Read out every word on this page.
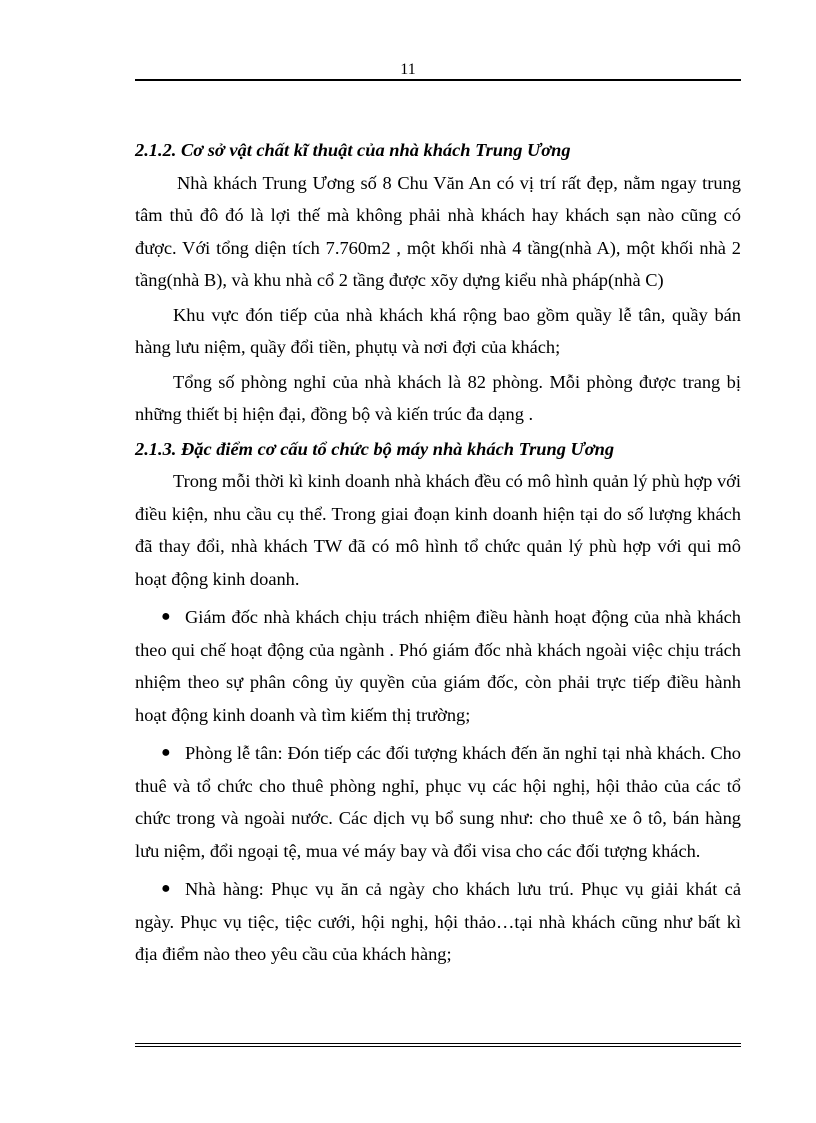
11

2.1.2. Cơ sở vật chất kĩ thuật của nhà khách Trung Ương

Nhà khách Trung Ương số 8 Chu Văn An có vị trí rất đẹp, nằm ngay trung tâm thủ đô đó là lợi thế mà không phải nhà khách hay khách sạn nào cũng có được. Với tổng diện tích 7.760m2 , một khối nhà 4 tầng(nhà A), một khối nhà 2 tầng(nhà B), và khu nhà cổ 2 tầng được xõy dựng kiểu nhà pháp(nhà C)

Khu vực đón tiếp của nhà khách khá rộng bao gồm quầy lễ tân, quầy bán hàng lưu niệm, quầy đổi tiền, phụtụ và nơi đợi của khách;

Tổng số phòng nghỉ của nhà khách là 82 phòng. Mỗi phòng được trang bị những thiết bị hiện đại, đồng bộ và kiến trúc đa dạng .

2.1.3. Đặc điểm cơ cấu tổ chức bộ máy nhà khách Trung Ương

Trong mỗi thời kì kinh doanh nhà khách đều có mô hình quản lý phù hợp với điều kiện, nhu cầu cụ thể. Trong giai đoạn kinh doanh hiện tại do số lượng khách đã thay đổi, nhà khách TW đã có mô hình tổ chức quản lý phù hợp với qui mô hoạt động kinh doanh.

● Giám đốc nhà khách chịu trách nhiệm điều hành hoạt động của nhà khách theo qui chế hoạt động của ngành . Phó giám đốc nhà khách ngoài việc chịu trách nhiệm theo sự phân công ủy quyền của giám đốc, còn phải trực tiếp điều hành hoạt động kinh doanh và tìm kiếm thị trường;

● Phòng lễ tân: Đón tiếp các đối tượng khách đến ăn nghỉ tại nhà khách. Cho thuê và tổ chức cho thuê phòng nghỉ, phục vụ các hội nghị, hội thảo của các tổ chức trong và ngoài nước. Các dịch vụ bổ sung như: cho thuê xe ô tô, bán hàng lưu niệm, đổi ngoại tệ, mua vé máy bay và đổi visa cho các đối tượng khách.

● Nhà hàng: Phục vụ ăn cả ngày cho khách lưu trú. Phục vụ giải khát cả ngày. Phục vụ tiệc, tiệc cưới, hội nghị, hội thảo…tại nhà khách cũng như bất kì địa điểm nào theo yêu cầu của khách hàng;
